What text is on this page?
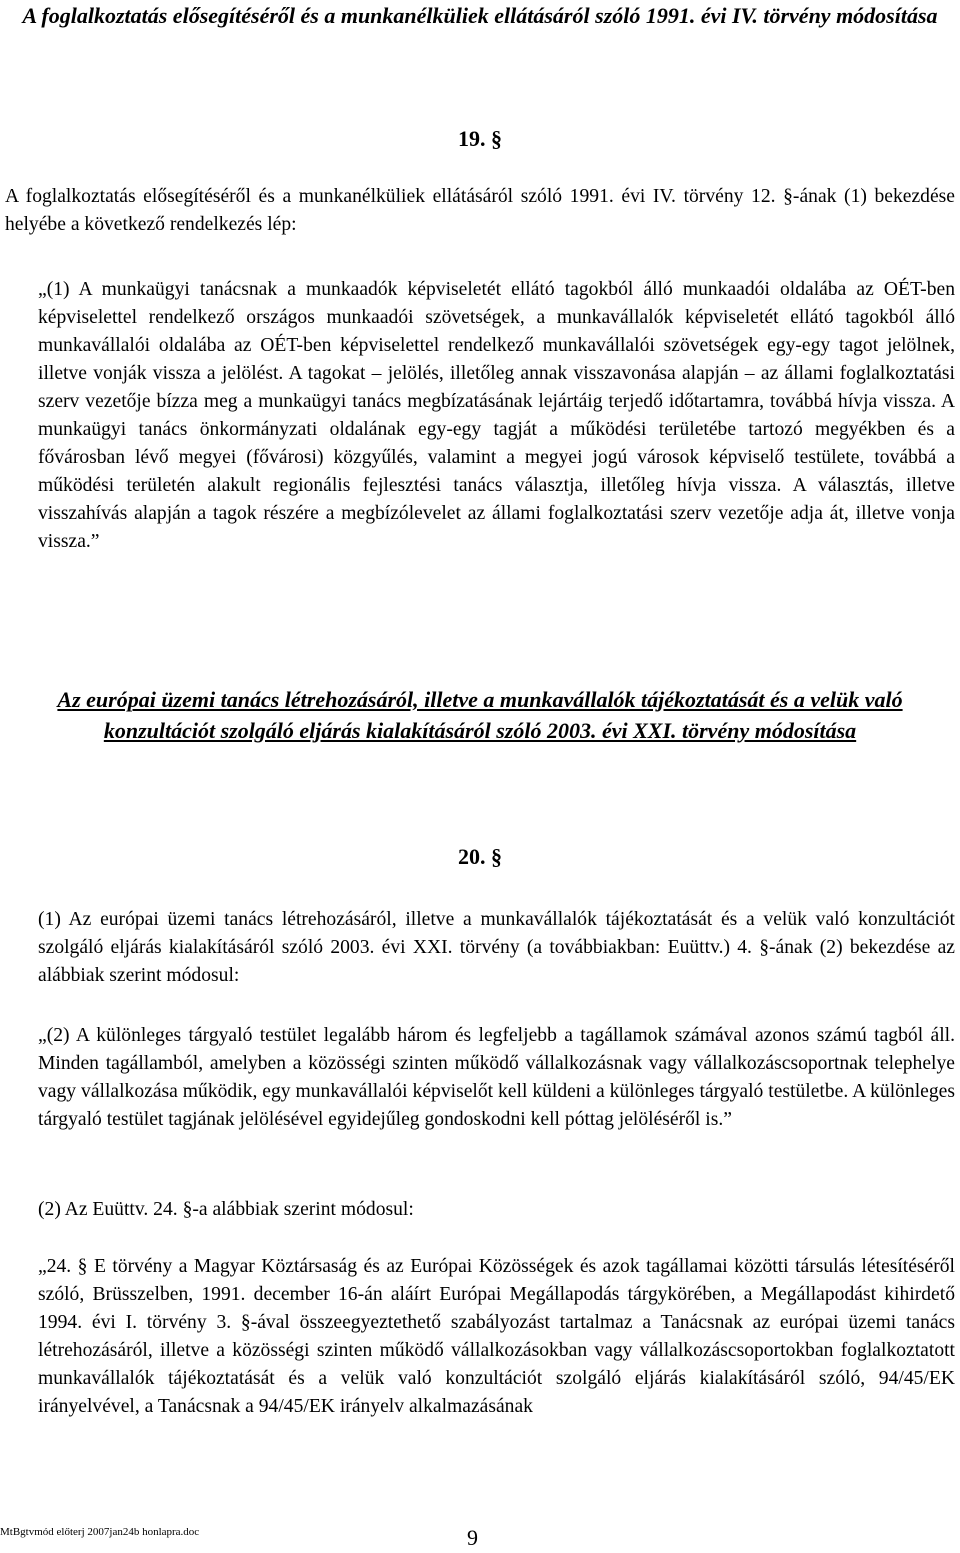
A foglalkoztatás elősegítéséről és a munkanélküliek ellátásáról szóló 1991. évi IV. törvény módosítása

19. §

A foglalkoztatás elősegítéséről és a munkanélküliek ellátásáról szóló 1991. évi IV. törvény 12. §-ának (1) bekezdése helyébe a következő rendelkezés lép:

„(1) A munkaügyi tanácsnak a munkaadók képviseletét ellátó tagokból álló munkaadói oldalába az OÉT-ben képviselettel rendelkező országos munkaadói szövetségek, a munkavállalók képviseletét ellátó tagokból álló munkavállalói oldalába az OÉT-ben képviselettel rendelkező munkavállalói szövetségek egy-egy tagot jelölnek, illetve vonják vissza a jelölést. A tagokat – jelölés, illetőleg annak visszavonása alapján – az állami foglalkoztatási szerv vezetője bízza meg a munkaügyi tanács megbízatásának lejártáig terjedő időtartamra, továbbá hívja vissza. A munkaügyi tanács önkormányzati oldalának egy-egy tagját a működési területébe tartozó megyékben és a fővárosban lévő megyei (fővárosi) közgyűlés, valamint a megyei jogú városok képviselő testülete, továbbá a működési területén alakult regionális fejlesztési tanács választja, illetőleg hívja vissza. A választás, illetve visszahívás alapján a tagok részére a megbízólevelet az állami foglalkoztatási szerv vezetője adja át, illetve vonja vissza.”

Az európai üzemi tanács létrehozásáról, illetve a munkavállalók tájékoztatását és a velük való konzultációt szolgáló eljárás kialakításáról szóló 2003. évi XXI. törvény módosítása

20. §

(1) Az európai üzemi tanács létrehozásáról, illetve a munkavállalók tájékoztatását és a velük való konzultációt szolgáló eljárás kialakításáról szóló 2003. évi XXI. törvény (a továbbiakban: Euüttv.) 4. §-ának (2) bekezdése az alábbiak szerint módosul:

„(2) A különleges tárgyaló testület legalább három és legfeljebb a tagállamok számával azonos számú tagból áll. Minden tagállamból, amelyben a közösségi szinten működő vállalkozásnak vagy vállalkozáscsoportnak telephelye vagy vállalkozása működik, egy munkavállalói képviselőt kell küldeni a különleges tárgyaló testületbe. A különleges tárgyaló testület tagjának jelölésével egyidejűleg gondoskodni kell póttag jelöléséről is.”

(2) Az Euüttv. 24. §-a alábbiak szerint módosul:

„24. § E törvény a Magyar Köztársaság és az Európai Közösségek és azok tagállamai közötti társulás létesítéséről szóló, Brüsszelben, 1991. december 16-án aláírt Európai Megállapodás tárgykörében, a Megállapodást kihirdető 1994. évi I. törvény 3. §-ával összeegyeztethető szabályozást tartalmaz a Tanácsnak az európai üzemi tanács létrehozásáról, illetve a közösségi szinten működő vállalkozásokban vagy vállalkozáscsoportokban foglalkoztatott munkavállalók tájékoztatását és a velük való konzultációt szolgáló eljárás kialakításáról szóló, 94/45/EK irányelvével, a Tanácsnak a 94/45/EK irányelv alkalmazásának

MtBgtvmód előterj 2007jan24b honlapra.doc	9
